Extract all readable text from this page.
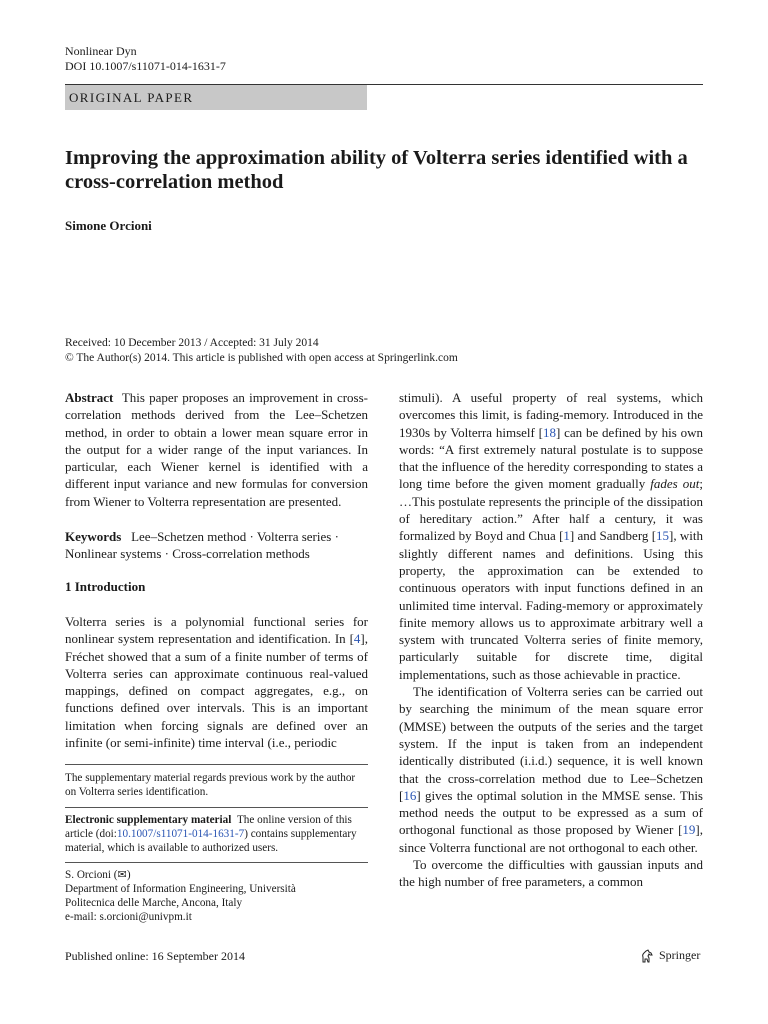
Nonlinear Dyn
DOI 10.1007/s11071-014-1631-7
ORIGINAL PAPER
Improving the approximation ability of Volterra series identified with a cross-correlation method
Simone Orcioni
Received: 10 December 2013 / Accepted: 31 July 2014
© The Author(s) 2014. This article is published with open access at Springerlink.com

Abstract This paper proposes an improvement in cross-correlation methods derived from the Lee–Schetzen method, in order to obtain a lower mean square error in the output for a wider range of the input variances. In particular, each Wiener kernel is identified with a different input variance and new formulas for conversion from Wiener to Volterra representation are presented.

Keywords Lee–Schetzen method · Volterra series · Nonlinear systems · Cross-correlation methods

1 Introduction

Volterra series is a polynomial functional series for nonlinear system representation and identification. In [4], Fréchet showed that a sum of a finite number of terms of Volterra series can approximate continuous real-valued mappings, defined on compact aggregates, e.g., on functions defined over intervals. This is an important limitation when forcing signals are defined over an infinite (or semi-infinite) time interval (i.e., periodic

The supplementary material regards previous work by the author on Volterra series identification.
Electronic supplementary material The online version of this article (doi:10.1007/s11071-014-1631-7) contains supplementary material, which is available to authorized users.
S. Orcioni (✉)
Department of Information Engineering, Università
Politecnica delle Marche, Ancona, Italy
e-mail: s.orcioni@univpm.it

stimuli). A useful property of real systems, which overcomes this limit, is fading-memory. Introduced in the 1930s by Volterra himself [18] can be defined by his own words: “A first extremely natural postulate is to suppose that the influence of the heredity corresponding to states a long time before the given moment gradually fades out; …This postulate represents the principle of the dissipation of hereditary action.” After half a century, it was formalized by Boyd and Chua [1] and Sandberg [15], with slightly different names and definitions. Using this property, the approximation can be extended to continuous operators with input functions defined in an unlimited time interval. Fading-memory or approximately finite memory allows us to approximate arbitrary well a system with truncated Volterra series of finite memory, particularly suitable for discrete time, digital implementations, such as those achievable in practice.

The identification of Volterra series can be carried out by searching the minimum of the mean square error (MMSE) between the outputs of the series and the target system. If the input is taken from an independent identically distributed (i.i.d.) sequence, it is well known that the cross-correlation method due to Lee–Schetzen [16] gives the optimal solution in the MMSE sense. This method needs the output to be expressed as a sum of orthogonal functional as those proposed by Wiener [19], since Volterra functional are not orthogonal to each other.

To overcome the difficulties with gaussian inputs and the high number of free parameters, a common

Published online: 16 September 2014	Springer
